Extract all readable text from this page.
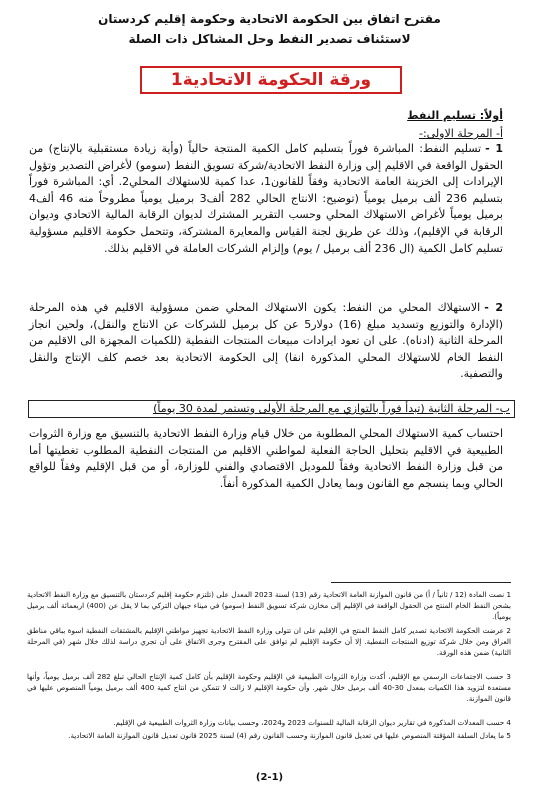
مقترح اتفاق بين الحكومة الاتحادية وحكومة إقليم كردستان
لاستئناف تصدير النفط وحل المشاكل ذات الصلة
ورقة الحكومة الاتحادية1
أولاً: تسليم النفط
أ- المرحلة الاولى:-
1 -تسليم النفط: المباشرة فوراً بتسليم كامل الكمية المنتجة حالياً (وأية زيادة مستقبلية بالإنتاج) من الحقول الواقعة في الاقليم إلى وزارة النفط الاتحادية/شركة تسويق النفط (سومو) لأغراض التصدير وتؤول الإيرادات إلى الخزينة العامة الاتحادية وفقاً للقانون1، عدا كمية للاستهلاك المحلي2. أي: المباشرة فوراً بتسليم 236 ألف برميل يومياً (توضيح: الانتاج الحالي 282 ألف3 برميل يومياً مطروحاً منه 46 ألف4 برميل يومياً لأغراض الاستهلاك المحلي وحسب التقرير المشترك لديوان الرقابة المالية الاتحادي وديوان الرقابة في الإقليم)، وذلك عن طريق لجنة القياس والمعايرة المشتركة، وتتحمل حكومة الاقليم مسؤولية تسليم كامل الكمية (ال 236 ألف برميل / يوم) وإلزام الشركات العاملة في الاقليم بذلك.
2 -الاستهلاك المحلي من النفط: يكون الاستهلاك المحلي ضمن مسؤولية الاقليم في هذه المرحلة (الإدارة والتوزيع وتسديد مبلغ (16) دولار5 عن كل برميل للشركات عن الانتاج والنقل)، ولحين انجاز المرحلة الثانية (ادناه). على ان تعود ايرادات مبيعات المنتجات النفطية (للكميات المجهزة الى الاقليم من النفط الخام للاستهلاك المحلي المذكورة انفا) إلى الحكومة الاتحادية بعد خصم كلف الإنتاج والنقل والتصفية.
ب- المرحلة الثانية (تبدأ فوراً بالتوازي مع المرحلة الأولى وتستمر لمدة 30 يوماً)
احتساب كمية الاستهلاك المحلي المطلوبة من خلال قيام وزارة النفط الاتحادية بالتنسيق مع وزارة الثروات الطبيعية في الاقليم بتحليل الحاجة الفعلية لمواطني الاقليم من المنتجات النفطية المطلوب تغطيتها أما من قبل وزارة النفط الاتحادية وفقاً للموديل الاقتصادي والفني للوزارة، أو من قبل الإقليم وفقاً للواقع الحالي وبما ينسجم مع القانون وبما يعادل الكمية المذكورة أنفاً.
1 نصت المادة (12 / ثانياً / أ) من قانون الموازنة العامة الاتحادية رقم (13) لسنة 2023 المعدل على (تلتزم حكومة إقليم كردستان بالتنسيق مع وزارة النفط الاتحادية بشحن النفط الخام المنتج من الحقول الواقعة في الإقليم إلى مخازن شركة تسويق النفط (سومو) في ميناء جيهان التركي بما لا يقل عن (400) اربعمائة ألف برميل يومياً).
2 عرضت الحكومة الاتحادية تصدير كامل النفط المنتج في الإقليم على ان تتولى وزارة النفط الاتحادية تجهيز مواطني الإقليم بالمشتقات النفطية اسوة بباقي مناطق العراق ومن خلال شركة توزيع المنتجات النفطية. إلا أن حكومة الإقليم لم توافق على المقترح وجرى الاتفاق على أن تجري دراسة لذلك خلال شهر (في المرحلة الثانية) ضمن هذه الورقة.
3 حسب الاجتماعات الرسمي مع الإقليم، أكدت وزارة الثروات الطبيعية في الإقليم وحكومة الإقليم بأن كامل كمية الإنتاج الحالي تبلغ 282 ألف برميل يومياً، وأنها مستعدة لتزويد هذا الكميات بمعدل 30-40 ألف برميل خلال شهر. وأن حكومة الإقليم لا زالت لا تتمكن من انتاج كمية 400 ألف برميل يومياً المنصوص عليها في قانون الموازنة.
4 حسب المعدلات المذكورة في تقارير ديوان الرقابة المالية للسنوات 2023 و2024، وحسب بيانات وزارة الثروات الطبيعية في الإقليم.
5 ما يعادل السلفة المؤقتة المنصوص عليها في تعديل قانون الموازنة وحسب القانون رقم (4) لسنة 2025 قانون تعديل قانون الموازنة العامة الاتحادية.
(2-1)
